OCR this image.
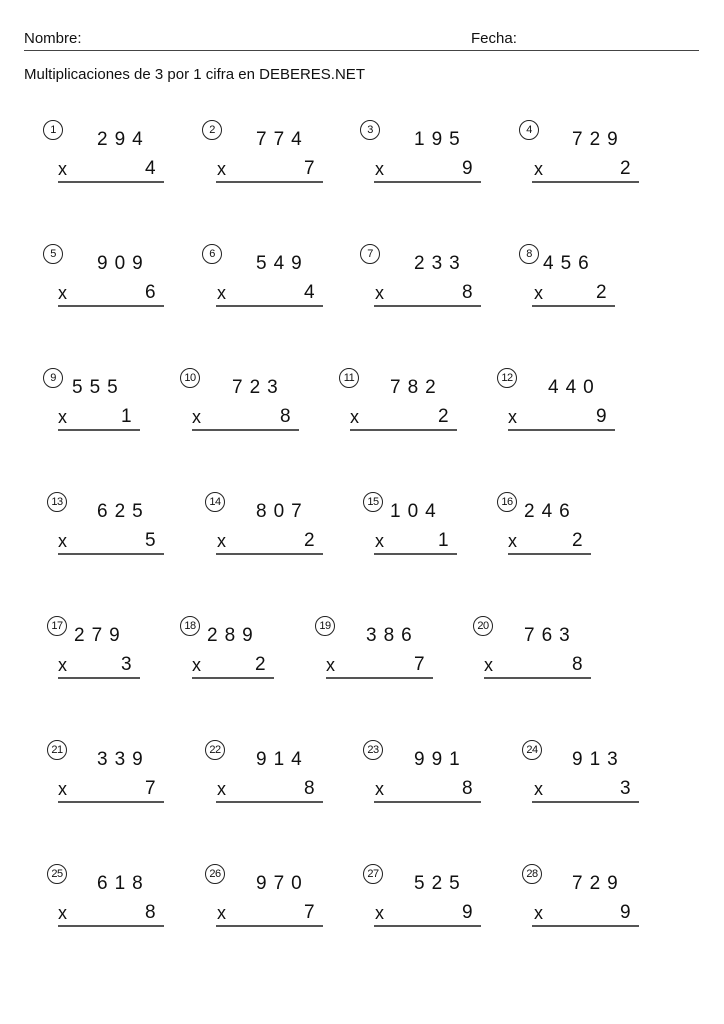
Nombre:	Fecha:
Multiplicaciones de 3 por 1 cifra en DEBERES.NET
1	294
x	4
2	774
x	7
3	195
x	9
4	729
x	2
5	909
x	6
6	549
x	4
7	233
x	8
8 456
x	2
9 555
x	1
10 723
x	8
11 782
x	2
12 440
x	9
13 625
x	5
14 807
x	2
15 104
x	1
16 246
x	2
17 279
x	3
18 289
x	2
19 386
x	7
20 763
x	8
21 339
x	7
22 914
x	8
23 991
x	8
24 913
x	3
25 618
x	8
26 970
x	7
27 525
x	9
28 729
x	9
